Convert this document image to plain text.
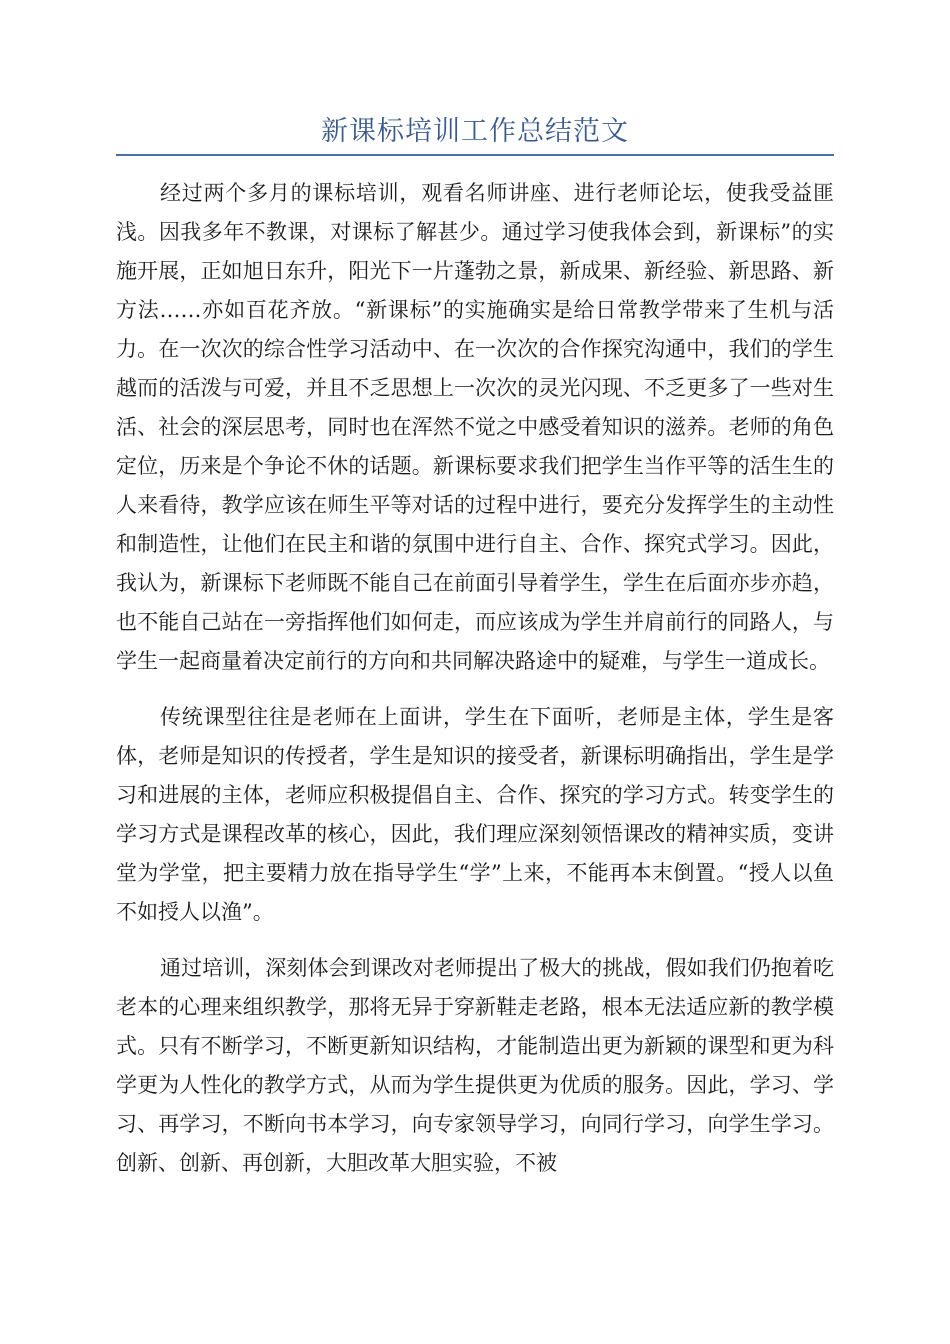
新课标培训工作总结范文

经过两个多月的课标培训，观看名师讲座、进行老师论坛，使我受益匪浅。因我多年不教课，对课标了解甚少。通过学习使我体会到，新课标”的实施开展，正如旭日东升，阳光下一片蓬勃之景，新成果、新经验、新思路、新方法……亦如百花齐放。“新课标”的实施确实是给日常教学带来了生机与活力。在一次次的综合性学习活动中、在一次次的合作探究沟通中，我们的学生越而的活泼与可爱，并且不乏思想上一次次的灵光闪现、不乏更多了一些对生活、社会的深层思考，同时也在浑然不觉之中感受着知识的滋养。老师的角色定位，历来是个争论不休的话题。新课标要求我们把学生当作平等的活生生的人来看待，教学应该在师生平等对话的过程中进行，要充分发挥学生的主动性和制造性，让他们在民主和谐的氛围中进行自主、合作、探究式学习。因此，我认为，新课标下老师既不能自己在前面引导着学生，学生在后面亦步亦趋，也不能自己站在一旁指挥他们如何走，而应该成为学生并肩前行的同路人，与学生一起商量着决定前行的方向和共同解决路途中的疑难，与学生一道成长。

传统课型往往是老师在上面讲，学生在下面听，老师是主体，学生是客体，老师是知识的传授者，学生是知识的接受者，新课标明确指出，学生是学习和进展的主体，老师应积极提倡自主、合作、探究的学习方式。转变学生的学习方式是课程改革的核心，因此，我们理应深刻领悟课改的精神实质，变讲堂为学堂，把主要精力放在指导学生“学”上来，不能再本末倒置。“授人以鱼不如授人以渔”。

通过培训，深刻体会到课改对老师提出了极大的挑战，假如我们仍抱着吃老本的心理来组织教学，那将无异于穿新鞋走老路，根本无法适应新的教学模式。只有不断学习，不断更新知识结构，才能制造出更为新颖的课型和更为科学更为人性化的教学方式，从而为学生提供更为优质的服务。因此，学习、学习、再学习，不断向书本学习，向专家领导学习，向同行学习，向学生学习。创新、创新、再创新，大胆改革大胆实验，不被
